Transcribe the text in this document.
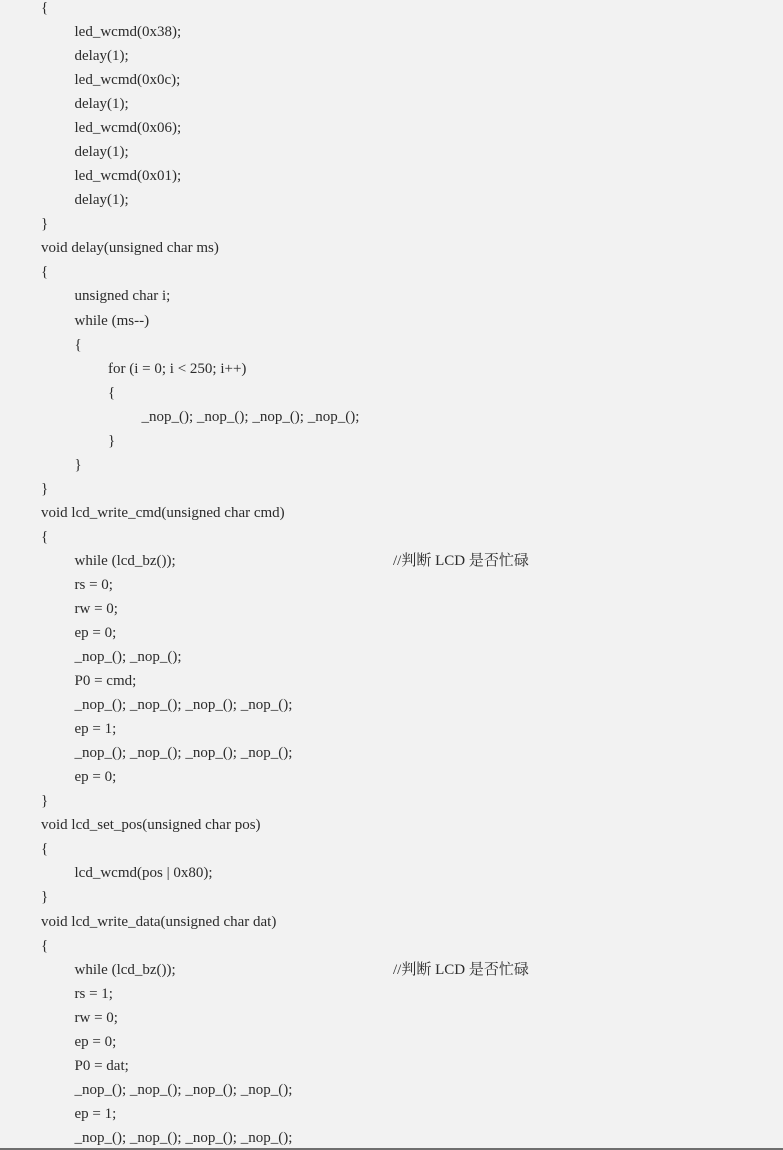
{
led_wcmd(0x38);
delay(1);
led_wcmd(0x0c);
delay(1);
led_wcmd(0x06);
delay(1);
led_wcmd(0x01);
delay(1);
}
void delay(unsigned char ms)
{
unsigned char i;
while (ms--)
{
for (i = 0; i < 250; i++)
{
_nop_(); _nop_(); _nop_(); _nop_();
}
}
}
void lcd_write_cmd(unsigned char cmd)
{
while (lcd_bz());	//判断 LCD 是否忙碌
rs = 0;
rw = 0;
ep = 0;
_nop_(); _nop_();
P0 = cmd;
_nop_(); _nop_(); _nop_(); _nop_();
ep = 1;
_nop_(); _nop_(); _nop_(); _nop_();
ep = 0;
}
void lcd_set_pos(unsigned char pos)
{
lcd_wcmd(pos | 0x80);
}
void lcd_write_data(unsigned char dat)
{
while (lcd_bz());	//判断 LCD 是否忙碌
rs = 1;
rw = 0;
ep = 0;
P0 = dat;
_nop_(); _nop_(); _nop_(); _nop_();
ep = 1;
_nop_(); _nop_(); _nop_(); _nop_();
